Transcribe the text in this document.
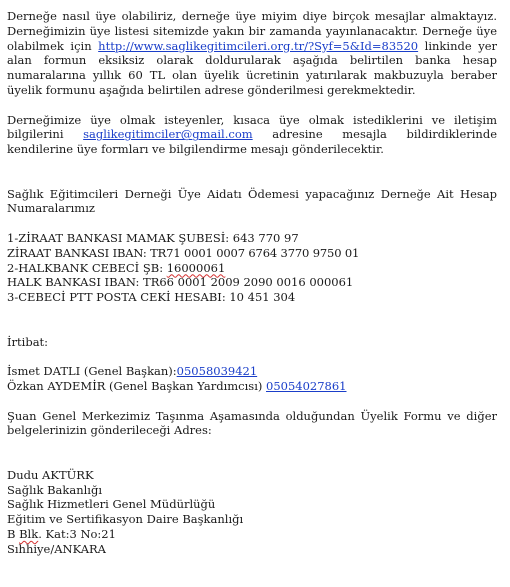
Derneğe nasıl üye olabiliriz, derneğe üye miyim diye birçok mesajlar almaktayız. Derneğimizin üye listesi sitemizde yakın bir zamanda yayınlanacaktır. Derneğe üye olabilmek için http://www.saglikegitimcileri.org.tr/?Syf=5&Id=83520 linkinde yer alan formun eksiksiz olarak doldurularak aşağıda belirtilen banka hesap numaralarına yıllık 60 TL olan üyelik ücretinin yatırılarak makbuzuyla beraber üyelik formunu aşağıda belirtilen adrese gönderilmesi gerekmektedir.

Derneğimize üye olmak isteyenler, kısaca üye olmak istediklerini ve iletişim bilgilerini saglikegitimciler@gmail.com adresine mesajla bildirdiklerinde kendilerine üye formları ve bilgilendirme mesajı gönderilecektir.

Sağlık Eğitimcileri Derneği Üye Aidatı Ödemesi yapacağınız Derneğe Ait Hesap Numaralarımız

1-ZİRAAT BANKASI MAMAK ŞUBESİ: 643 770 97
ZİRAAT BANKASI IBAN: TR71 0001 0007 6764 3770 9750 01
2-HALKBANK CEBECİ ŞB: 16000061
HALK BANKASI IBAN: TR66 0001 2009 2090 0016 000061
3-CEBECİ PTT POSTA CEKİ HESABI: 10 451 304
İrtibat:
İsmet DATLI (Genel Başkan):05058039421
Özkan AYDEMİR (Genel Başkan Yardımcısı) 05054027861

Şuan Genel Merkezimiz Taşınma Aşamasında olduğundan Üyelik Formu ve diğer belgelerinizin gönderileceği Adres:

Dudu AKTÜRK
Sağlık Bakanlığı
Sağlık Hizmetleri Genel Müdürlüğü
Eğitim ve Sertifikasyon Daire Başkanlığı
B Blk. Kat:3 No:21
Sıhhiye/ANKARA
